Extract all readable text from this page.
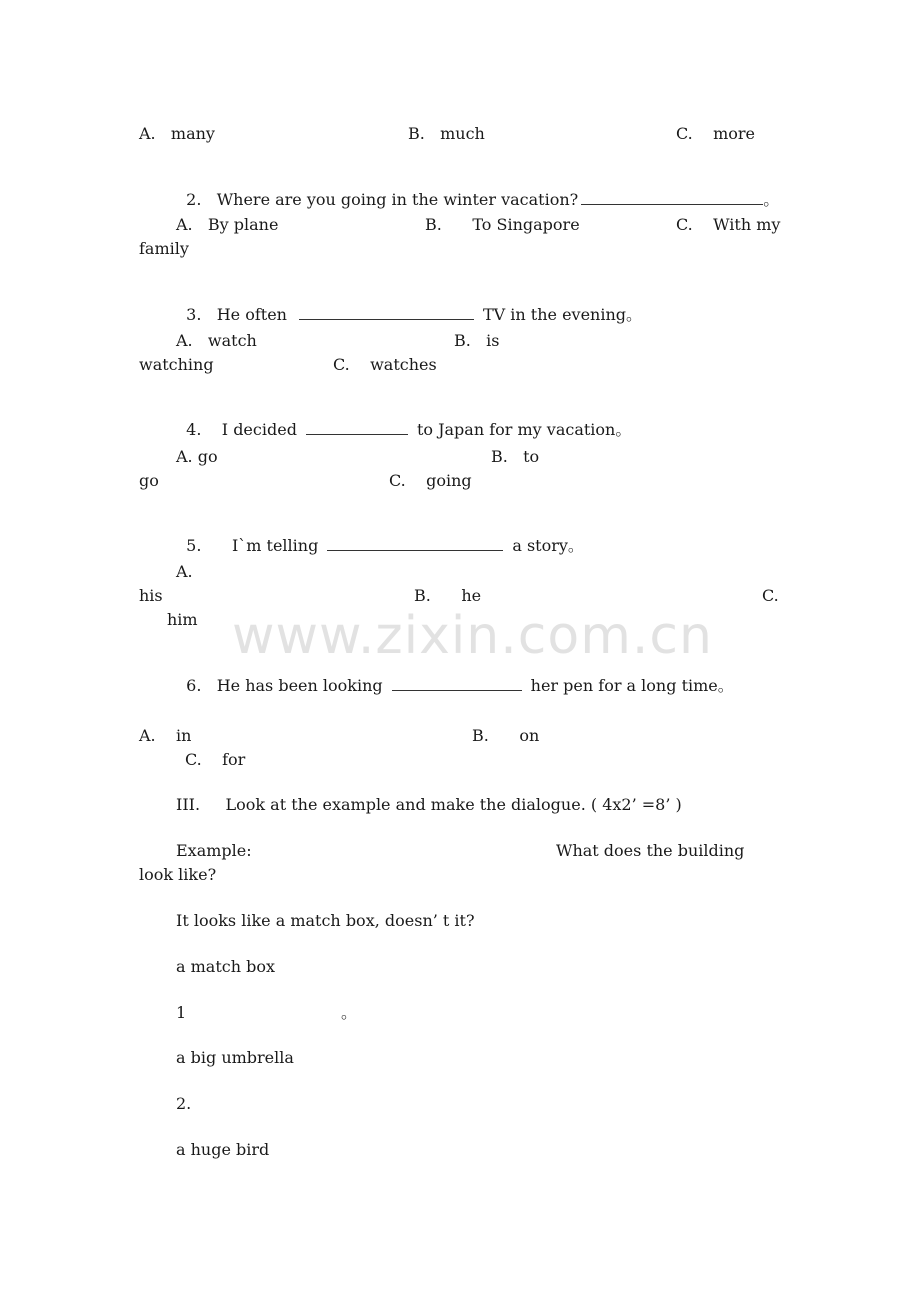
www.zixin.com.cn
A.   many	B.   much	C.    more

2.   Where are you going in the winter vacation?	。

A.   By plane	B.      To Singapore	C.    With my
family

3.   He often	TV in the evening。

A.   watch	B.   is
watching	C.    watches

4.    I decided	to Japan for my vacation。

A. go	B.   to
go	C.    going

5.      I`m telling	a story。

A.
his	B.      he	C.
him

6.   He has been looking	her pen for a long time。

A.    in	B.      on
C.    for
III.     Look at the example and make the dialogue. ( 4x2’ =8’ )
Example:	What does the building
look like?
It looks like a match box, doesn’ t it?
a match box
1	。
a big umbrella
2.
a huge bird
